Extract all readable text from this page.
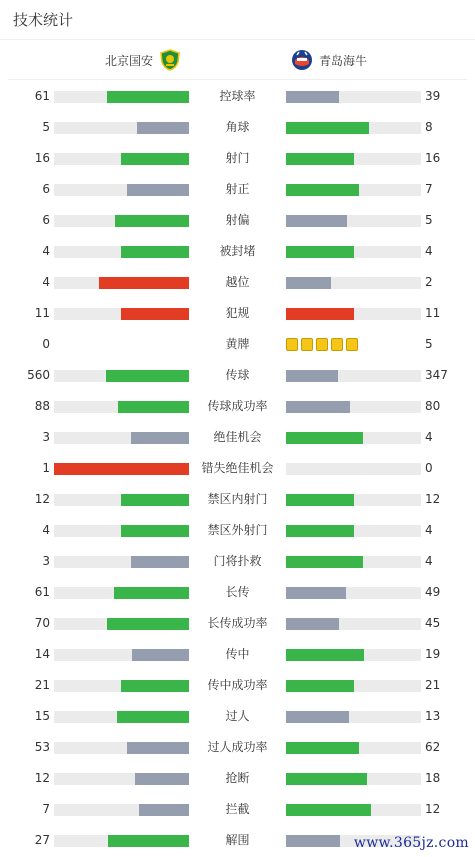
技术统计
北京国安	青岛海牛
61	控球率	39
5	角球	8
16	射门	16
6	射正	7
6	射偏	5
4	被封堵	4
4	越位	2
11	犯规	11
0	黄牌	5
560	传球	347
88	传球成功率	80
3	绝佳机会	4
1	错失绝佳机会	0
12	禁区内射门	12
4	禁区外射门	4
3	门将扑救	4
61	长传	49
70	长传成功率	45
14	传中	19
21	传中成功率	21
15	过人	13
53	过人成功率	62
12	抢断	18
7	拦截	12
27	解围	www.365jz.com
